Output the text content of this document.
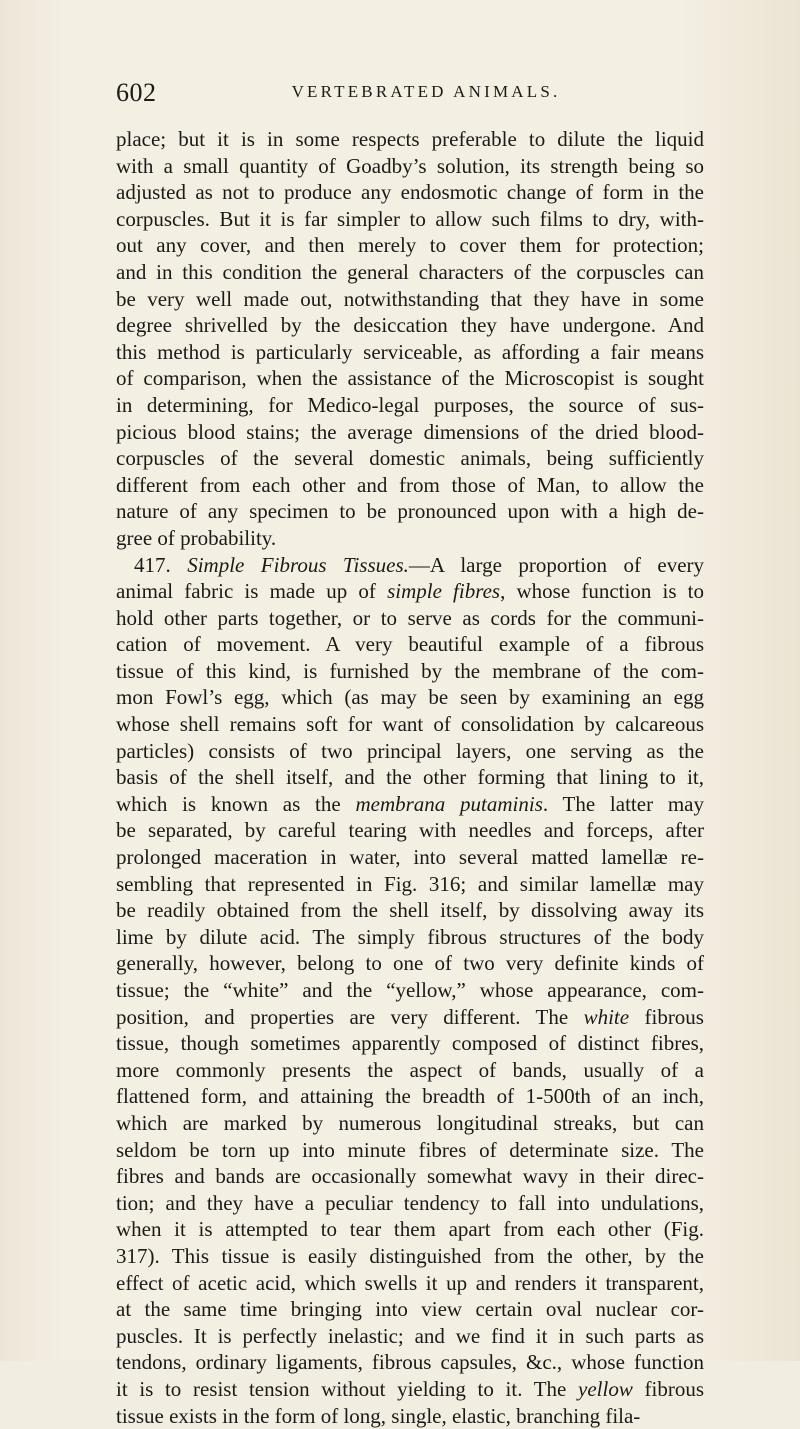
602	VERTEBRATED ANIMALS.
place; but it is in some respects preferable to dilute the liquid
with a small quantity of Goadby’s solution, its strength being so
adjusted as not to produce any endosmotic change of form in the
corpuscles. But it is far simpler to allow such films to dry, with-
out any cover, and then merely to cover them for protection;
and in this condition the general characters of the corpuscles can
be very well made out, notwithstanding that they have in some
degree shrivelled by the desiccation they have undergone. And
this method is particularly serviceable, as affording a fair means
of comparison, when the assistance of the Microscopist is sought
in determining, for Medico-legal purposes, the source of sus-
picious blood stains; the average dimensions of the dried blood-
corpuscles of the several domestic animals, being sufficiently
different from each other and from those of Man, to allow the
nature of any specimen to be pronounced upon with a high de-
gree of probability.
417. Simple Fibrous Tissues.—A large proportion of every
animal fabric is made up of simple fibres, whose function is to
hold other parts together, or to serve as cords for the communi-
cation of movement. A very beautiful example of a fibrous
tissue of this kind, is furnished by the membrane of the com-
mon Fowl’s egg, which (as may be seen by examining an egg
whose shell remains soft for want of consolidation by calcareous
particles) consists of two principal layers, one serving as the
basis of the shell itself, and the other forming that lining to it,
which is known as the membrana putaminis. The latter may
be separated, by careful tearing with needles and forceps, after
prolonged maceration in water, into several matted lamellæ re-
sembling that represented in Fig. 316; and similar lamellæ may
be readily obtained from the shell itself, by dissolving away its
lime by dilute acid. The simply fibrous structures of the body
generally, however, belong to one of two very definite kinds of
tissue; the “white” and the “yellow,” whose appearance, com-
position, and properties are very different. The white fibrous
tissue, though sometimes apparently composed of distinct fibres,
more commonly presents the aspect of bands, usually of a
flattened form, and attaining the breadth of 1-500th of an inch,
which are marked by numerous longitudinal streaks, but can
seldom be torn up into minute fibres of determinate size. The
fibres and bands are occasionally somewhat wavy in their direc-
tion; and they have a peculiar tendency to fall into undulations,
when it is attempted to tear them apart from each other (Fig.
317). This tissue is easily distinguished from the other, by the
effect of acetic acid, which swells it up and renders it transparent,
at the same time bringing into view certain oval nuclear cor-
puscles. It is perfectly inelastic; and we find it in such parts as
tendons, ordinary ligaments, fibrous capsules, &c., whose function
it is to resist tension without yielding to it. The yellow fibrous
tissue exists in the form of long, single, elastic, branching fila-
